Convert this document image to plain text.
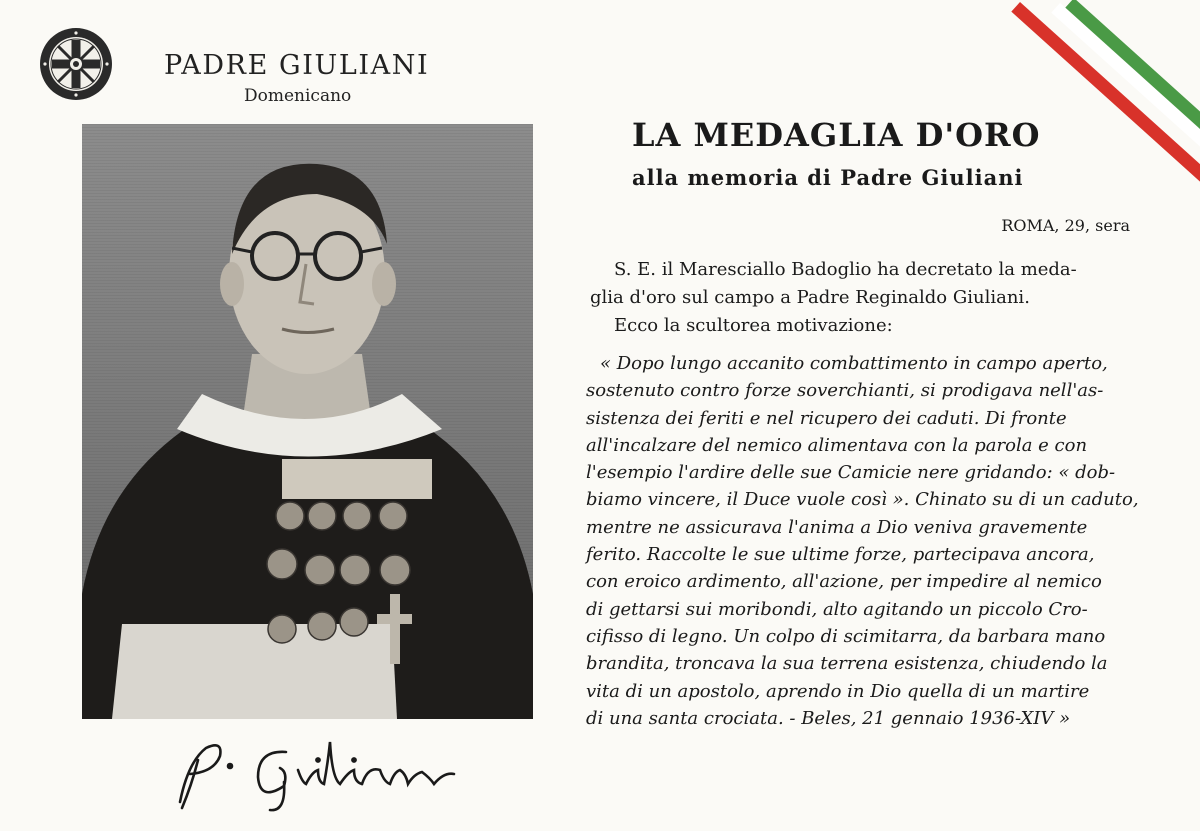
PADRE GIULIANI
Domenicano
LA MEDAGLIA D'ORO
alla memoria di Padre Giuliani
ROMA, 29, sera

S. E. il Maresciallo Badoglio ha decretato la meda-

glia d'oro sul campo a Padre Reginaldo Giuliani.

Ecco la scultorea motivazione:

« Dopo lungo accanito combattimento in campo aperto,
sostenuto contro forze soverchianti, si prodigava nell'as-
sistenza dei feriti e nel ricupero dei caduti. Di fronte
all'incalzare del nemico alimentava con la parola e con
l'esempio l'ardire delle sue Camicie nere gridando: « dob-
biamo vincere, il Duce vuole così ». Chinato su di un caduto,
mentre ne assicurava l'anima a Dio veniva gravemente
ferito. Raccolte le sue ultime forze, partecipava ancora,
con eroico ardimento, all'azione, per impedire al nemico
di gettarsi sui moribondi, alto agitando un piccolo Cro-
cifisso di legno. Un colpo di scimitarra, da barbara mano
brandita, troncava la sua terrena esistenza, chiudendo la
vita di un apostolo, aprendo in Dio quella di un martire
di una santa crociata. - Beles, 21 gennaio 1936-XIV »
